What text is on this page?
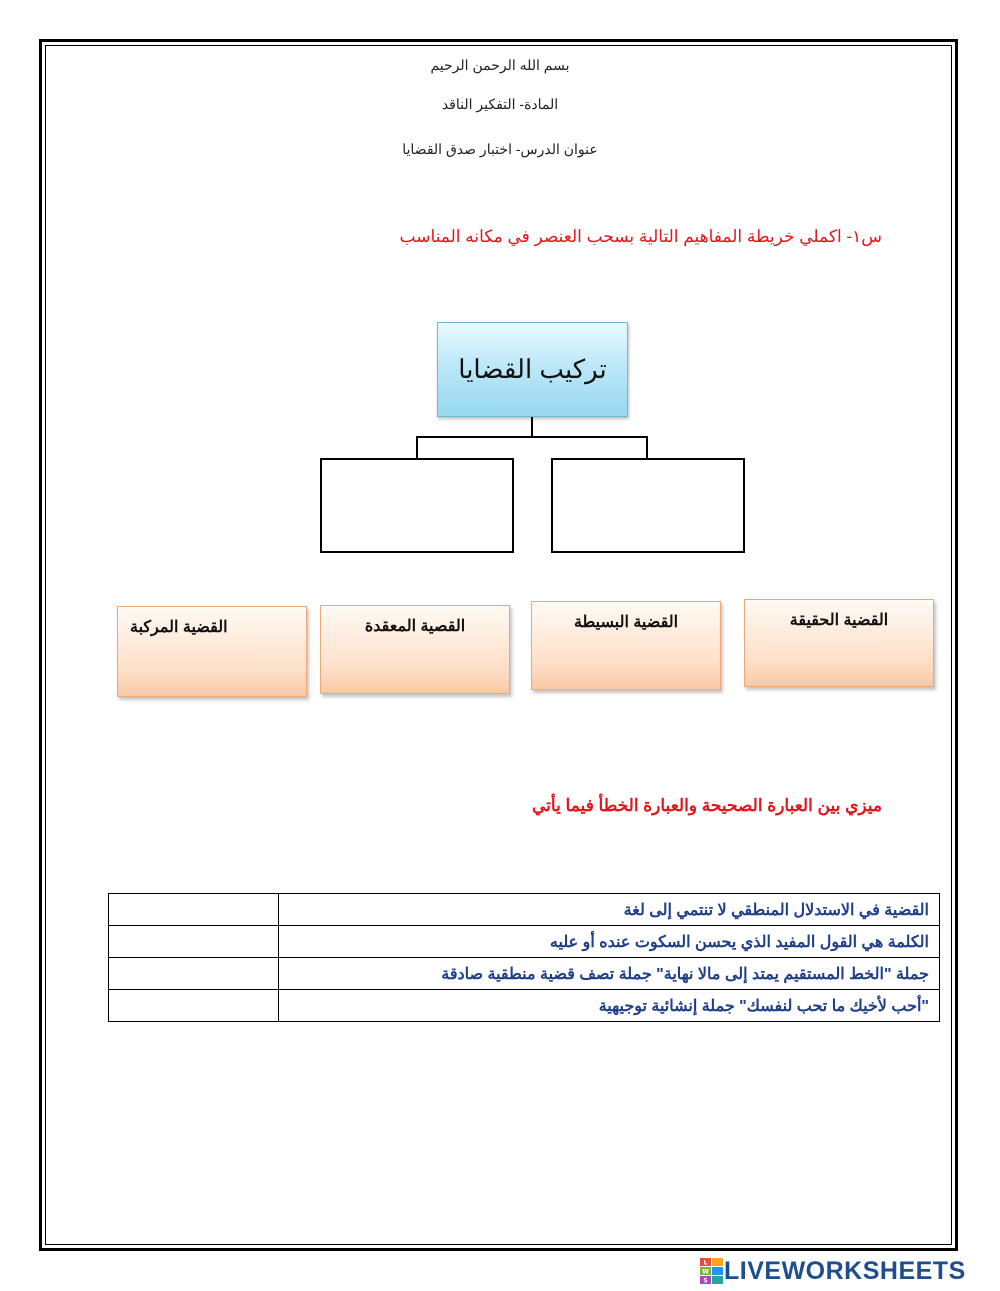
بسم الله الرحمن الرحيم
المادة- التفكير الناقد
عنوان الدرس- اختبار صدق القضايا
س١- اكملي خريطة المفاهيم التالية بسحب العنصر في مكانه المناسب
تركيب القضايا
القضية الحقيقة
القضية البسيطة
القصية المعقدة
القضية المركبة
ميزي بين العبارة الصحيحة والعبارة الخطأ فيما يأتي
القضية في الاستدلال المنطقي لا تنتمي إلى لغة	
الكلمة هي القول المفيد الذي يحسن السكوت عنده أو عليه	
جملة "الخط المستقيم يمتد إلى مالا نهاية" جملة تصف قضية منطقية صادقة	
"أحب لأخيك ما تحب لنفسك" جملة إنشائية توجيهية	
L
W
S LIVEWORKSHEETS
